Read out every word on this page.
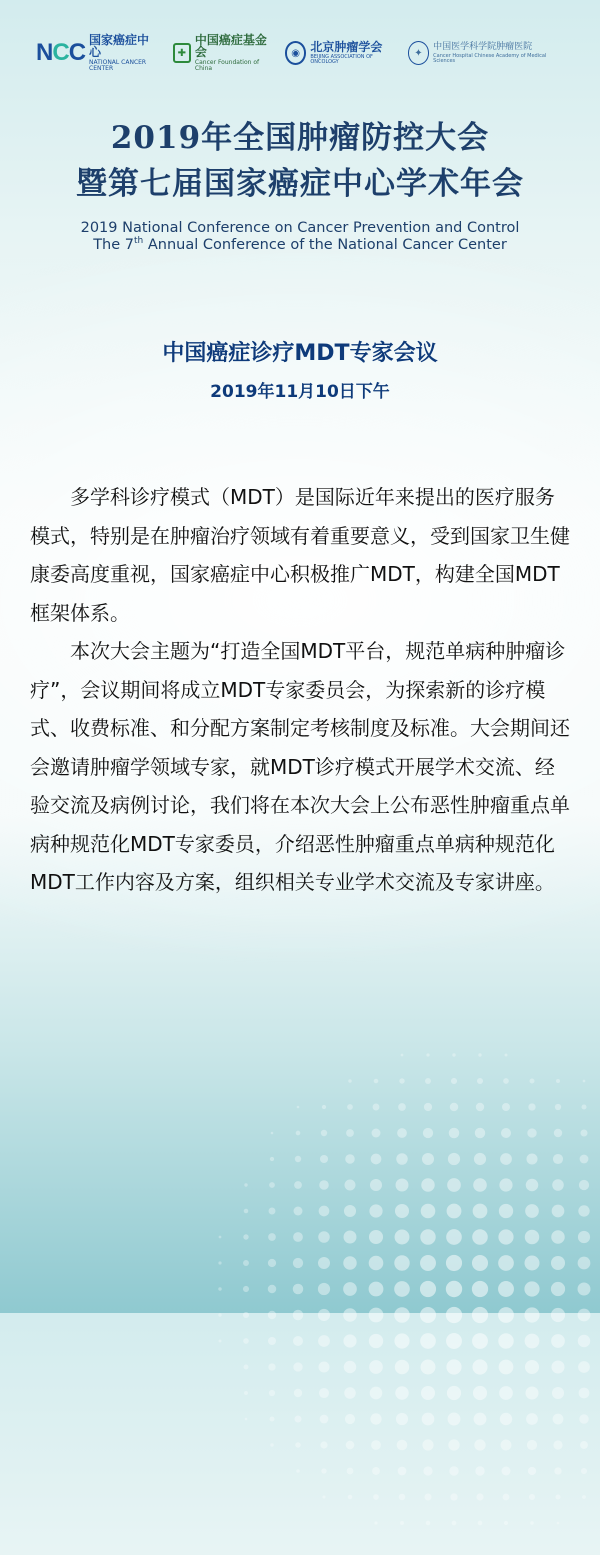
NCC 国家癌症中心
NATIONAL CANCER CENTER
✚
中国癌症基金会
Cancer Foundation of China
◉ 北京肿瘤学会
BEIJING ASSOCIATION OF ONCOLOGY
✦
中国医学科学院肿瘤医院
Cancer Hospital Chinese Academy of Medical Sciences
2019年全国肿瘤防控大会
暨第七届国家癌症中心学术年会
2019 National Conference on Cancer Prevention and Control
The 7th Annual Conference of the National Cancer Center
中国癌症诊疗MDT专家会议
2019年11月10日下午

多学科诊疗模式（MDT）是国际近年来提出的医疗服务模式，特别是在肿瘤治疗领域有着重要意义，受到国家卫生健康委高度重视，国家癌症中心积极推广MDT，构建全国MDT框架体系。

本次大会主题为“打造全国MDT平台，规范单病种肿瘤诊疗”，会议期间将成立MDT专家委员会，为探索新的诊疗模式、收费标准、和分配方案制定考核制度及标准。大会期间还会邀请肿瘤学领域专家，就MDT诊疗模式开展学术交流、经验交流及病例讨论，我们将在本次大会上公布恶性肿瘤重点单病种规范化MDT专家委员，介绍恶性肿瘤重点单病种规范化MDT工作内容及方案，组织相关专业学术交流及专家讲座。
